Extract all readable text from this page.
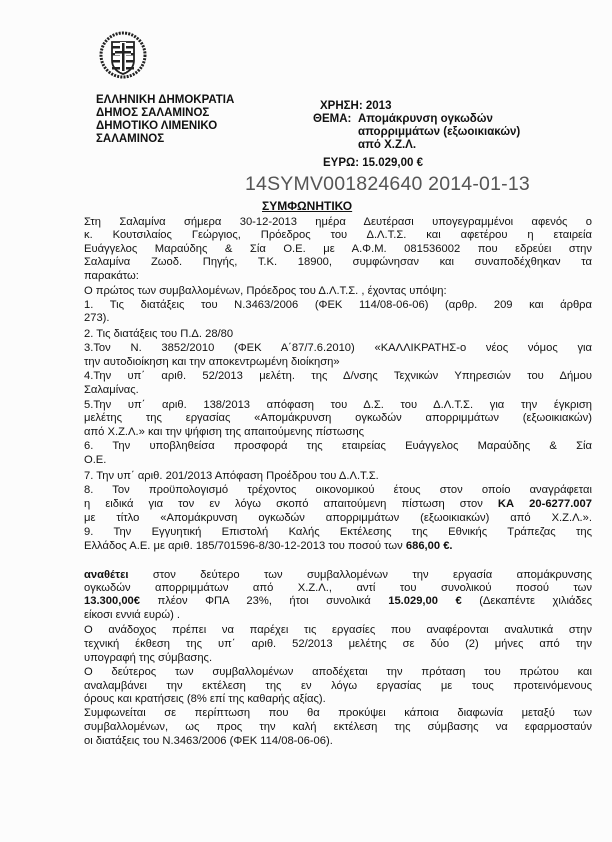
ΕΛΛΗΝΙΚΗ ΔΗΜΟΚΡΑΤΙΑ
ΔΗΜΟΣ ΣΑΛΑΜΙΝΟΣ
ΔΗΜΟΤΙΚΟ ΛΙΜΕΝΙΚΟ
ΣΑΛΑΜΙΝΟΣ
ΧΡΗΣΗ: 2013
ΘΕΜΑ: Απομάκρυνση ογκωδών
απορριμμάτων (εξωοικιακών)
από Χ.Ζ.Λ.
ΕΥΡΩ: 15.029,00 €
14SYMV001824640 2014-01-13
ΣΥΜΦΩΝΗΤΙΚΟ
Στη Σαλαμίνα σήμερα 30-12-2013 ημέρα Δευτέρασι υπογεγραμμένοι αφενός ο
κ. Κουτσιλαίος Γεώργιος, Πρόεδρος του Δ.Λ.Τ.Σ. και αφετέρου η εταιρεία
Ευάγγελος Μαραύδης & Σία Ο.Ε. με Α.Φ.Μ. 081536002 που εδρεύει στην
Σαλαμίνα Ζωοδ. Πηγής, Τ.Κ. 18900, συμφώνησαν και συναποδέχθηκαν τα
παρακάτω:
Ο πρώτος των συμβαλλομένων, Πρόεδρος του Δ.Λ.Τ.Σ. , έχοντας υπόψη:
1. Τις διατάξεις του Ν.3463/2006 (ΦΕΚ 114/08-06-06) (αρθρ. 209 και άρθρα
273).
2. Τις διατάξεις του Π.Δ. 28/80
3.Τον Ν. 3852/2010 (ΦΕΚ Α΄87/7.6.2010) «ΚΑΛΛΙΚΡΑΤΗΣ-ο νέος νόμος για
την αυτοδιοίκηση και την αποκεντρωμένη διοίκηση»
4.Την υπ΄ αριθ. 52/2013 μελέτη. της Δ/νσης Τεχνικών Υπηρεσιών του Δήμου
Σαλαμίνας.
5.Την υπ΄ αριθ. 138/2013 απόφαση του Δ.Σ. του Δ.Λ.Τ.Σ. για την έγκριση
μελέτης της εργασίας «Απομάκρυνση ογκωδών απορριμμάτων (εξωοικιακών)
από Χ.Ζ.Λ.» και την ψήφιση της απαιτούμενης πίστωσης
6. Την υποβληθείσα προσφορά της εταιρείας Ευάγγελος Μαραύδης & Σία
Ο.Ε.
7. Την υπ΄ αριθ. 201/2013 Απόφαση Προέδρου του Δ.Λ.Τ.Σ.
8. Τον προϋπολογισμό τρέχοντος οικονομικού έτους στον οποίο αναγράφεται
η ειδικά για τον εν λόγω σκοπό απαιτούμενη πίστωση στον ΚΑ 20-6277.007
με τίτλο «Απομάκρυνση ογκωδών απορριμμάτων (εξωοικιακών) από Χ.Ζ.Λ.».
9. Την Εγγυητική Επιστολή Καλής Εκτέλεσης της Εθνικής Τράπεζας της
Ελλάδος Α.Ε. με αριθ. 185/701596-8/30-12-2013 του ποσού των 686,00 €.
αναθέτει στον δεύτερο των συμβαλλομένων την εργασία απομάκρυνσης
ογκωδών απορριμμάτων από Χ.Ζ.Λ., αντί του συνολικού ποσού των
13.300,00€ πλέον ΦΠΑ 23%, ήτοι συνολικά 15.029,00 € (Δεκαπέντε χιλιάδες
είκοσι εννιά ευρώ) .
Ο ανάδοχος πρέπει να παρέχει τις εργασίες που αναφέρονται αναλυτικά στην
τεχνική έκθεση της υπ΄ αριθ. 52/2013 μελέτης σε δύο (2) μήνες από την
υπογραφή της σύμβασης.
Ο δεύτερος των συμβαλλομένων αποδέχεται την πρόταση του πρώτου και
αναλαμβάνει την εκτέλεση της εν λόγω εργασίας με τους προτεινόμενους
όρους και κρατήσεις (8% επί της καθαρής αξίας).
Συμφωνείται σε περίπτωση που θα προκύψει κάποια διαφωνία μεταξύ των
συμβαλλομένων, ως προς την καλή εκτέλεση της σύμβασης να εφαρμοσταύν
οι διατάξεις του Ν.3463/2006 (ΦΕΚ 114/08-06-06).
